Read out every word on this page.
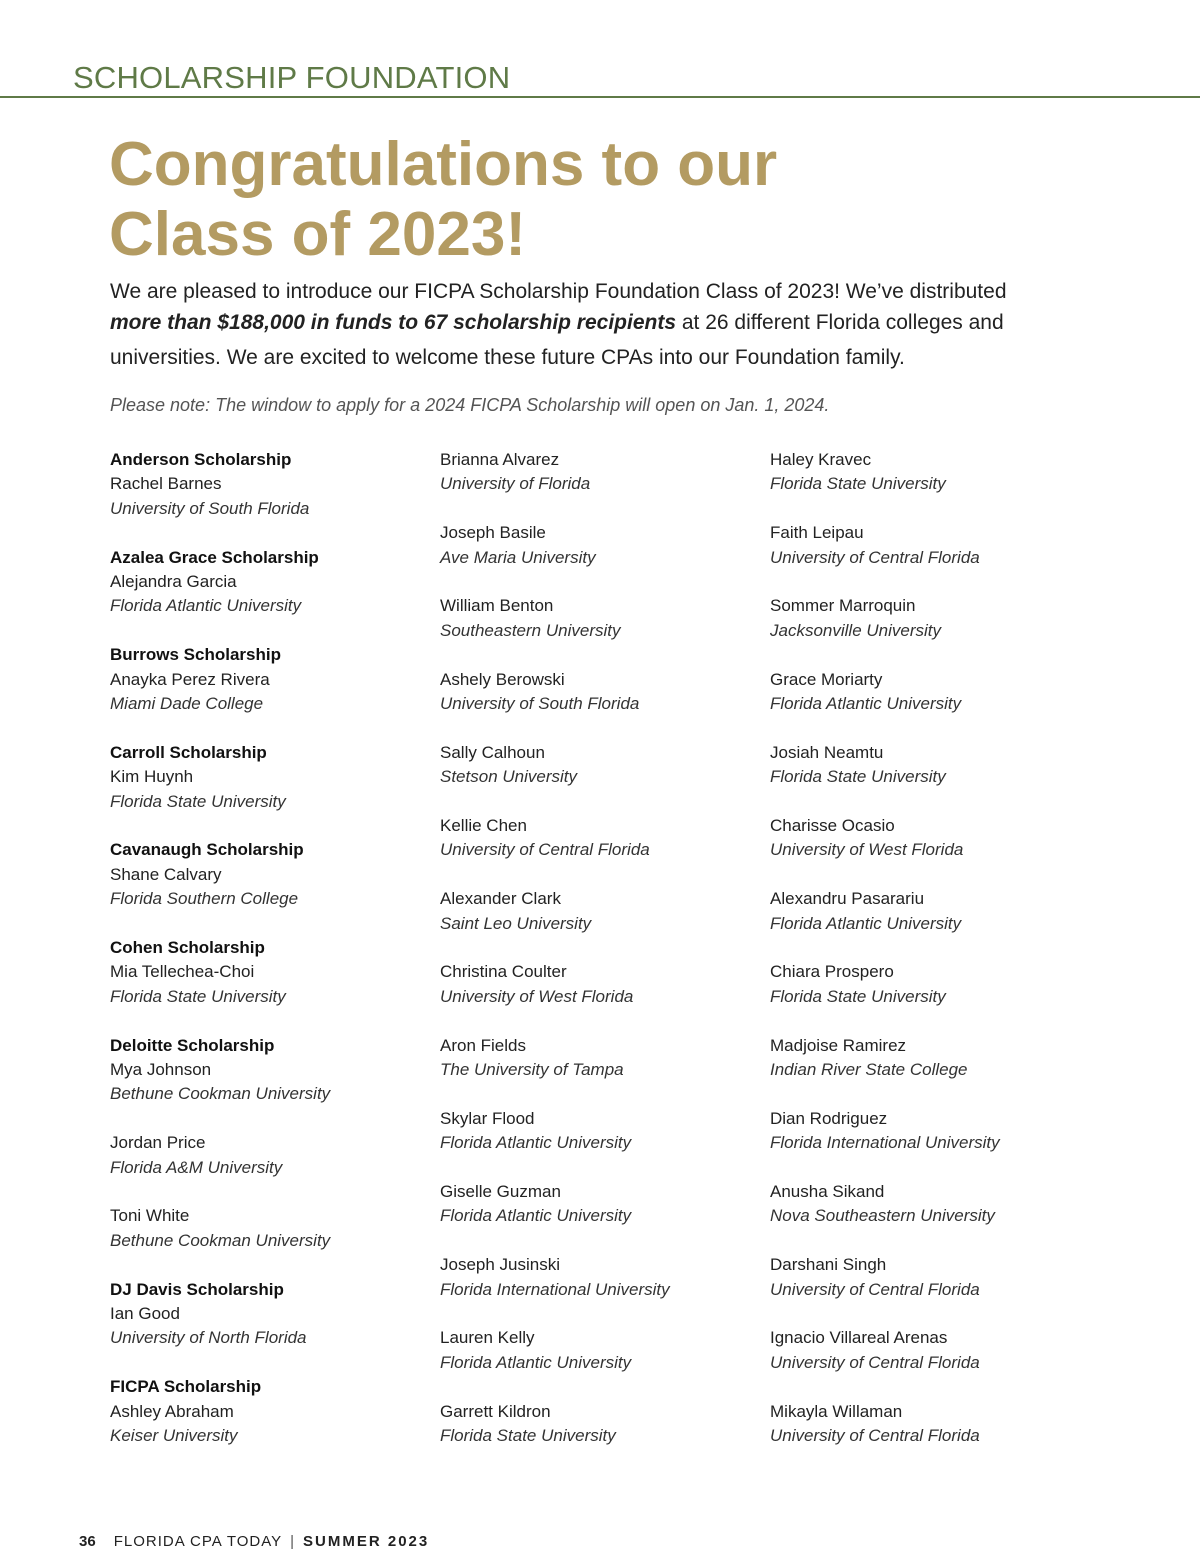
SCHOLARSHIP FOUNDATION
Congratulations to our
Class of 2023!

We are pleased to introduce our FICPA Scholarship Foundation Class of 2023! We’ve distributed
more than $188,000 in funds to 67 scholarship recipients at 26 different Florida colleges and
universities. We are excited to welcome these future CPAs into our Foundation family.

Please note: The window to apply for a 2024 FICPA Scholarship will open on Jan. 1, 2024.

Anderson Scholarship
Rachel Barnes
University of South Florida
Azalea Grace Scholarship
Alejandra Garcia
Florida Atlantic University
Burrows Scholarship
Anayka Perez Rivera
Miami Dade College
Carroll Scholarship
Kim Huynh
Florida State University
Cavanaugh Scholarship
Shane Calvary
Florida Southern College
Cohen Scholarship
Mia Tellechea-Choi
Florida State University
Deloitte Scholarship
Mya Johnson
Bethune Cookman University
Jordan Price
Florida A&M University
Toni White
Bethune Cookman University
DJ Davis Scholarship
Ian Good
University of North Florida
FICPA Scholarship
Ashley Abraham
Keiser University
Brianna Alvarez
University of Florida
Joseph Basile
Ave Maria University
William Benton
Southeastern University
Ashely Berowski
University of South Florida
Sally Calhoun
Stetson University
Kellie Chen
University of Central Florida
Alexander Clark
Saint Leo University
Christina Coulter
University of West Florida
Aron Fields
The University of Tampa
Skylar Flood
Florida Atlantic University
Giselle Guzman
Florida Atlantic University
Joseph Jusinski
Florida International University
Lauren Kelly
Florida Atlantic University
Garrett Kildron
Florida State University
Haley Kravec
Florida State University
Faith Leipau
University of Central Florida
Sommer Marroquin
Jacksonville University
Grace Moriarty
Florida Atlantic University
Josiah Neamtu
Florida State University
Charisse Ocasio
University of West Florida
Alexandru Pasarariu
Florida Atlantic University
Chiara Prospero
Florida State University
Madjoise Ramirez
Indian River State College
Dian Rodriguez
Florida International University
Anusha Sikand
Nova Southeastern University
Darshani Singh
University of Central Florida
Ignacio Villareal Arenas
University of Central Florida
Mikayla Willaman
University of Central Florida
36 FLORIDA CPA TODAY | SUMMER 2023
